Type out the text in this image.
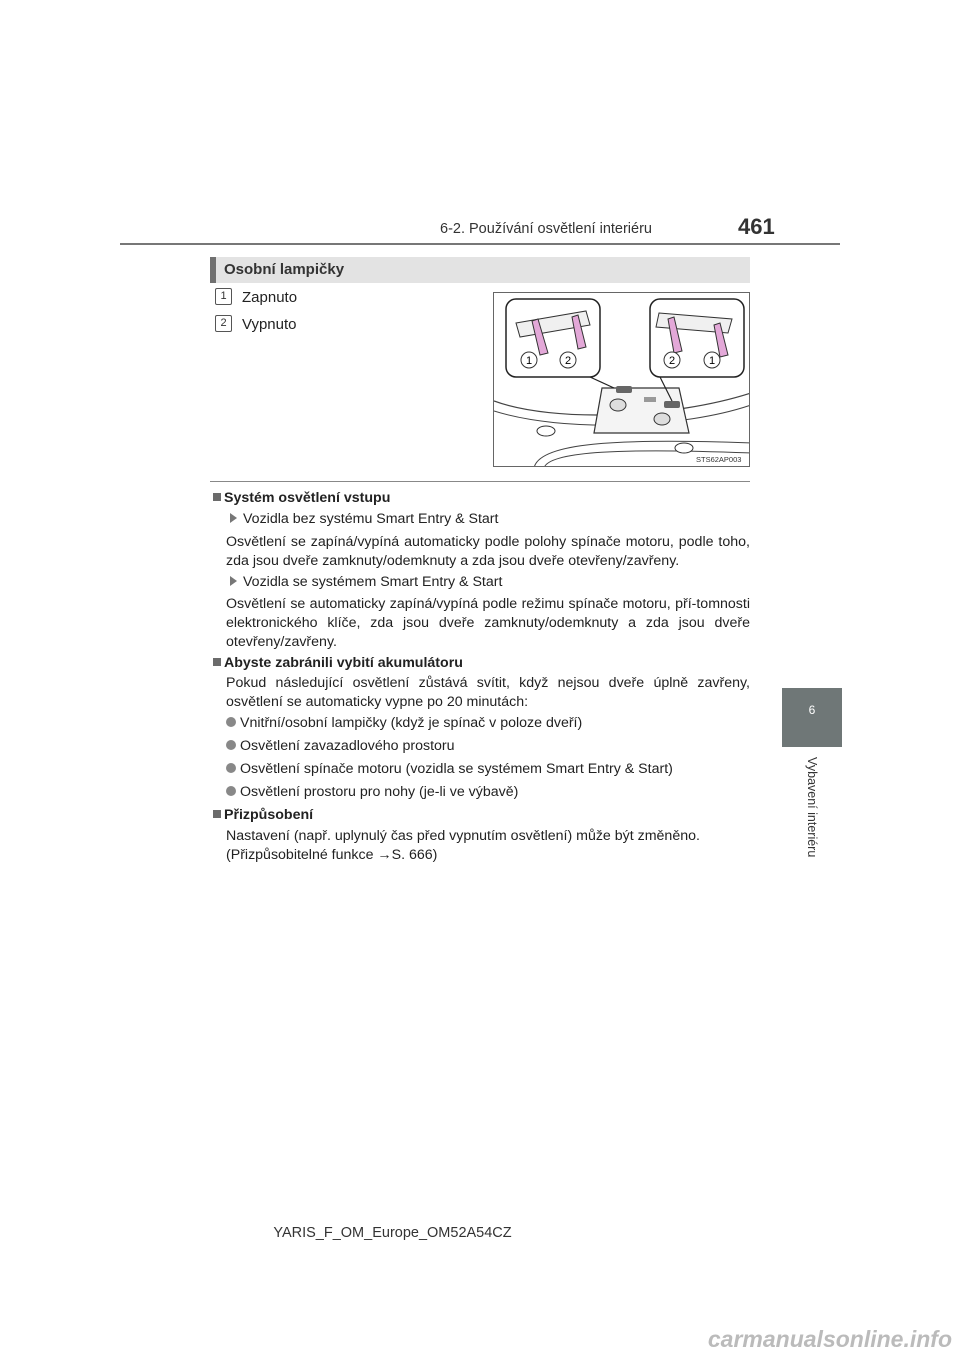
6-2. Používání osvětlení interiéru	461
6
Vybavení interiéru
Osobní lampičky
1 Zapnuto
2 Vypnuto
1	2	2	1
STS62AP003
Systém osvětlení vstupu
Vozidla bez systému Smart Entry & Start
Osvětlení se zapíná/vypíná automaticky podle polohy spínače motoru, podle toho, zda jsou dveře zamknuty/odemknuty a zda jsou dveře otevřeny/zavřeny.
Vozidla se systémem Smart Entry & Start
Osvětlení se automaticky zapíná/vypíná podle režimu spínače motoru, pří-tomnosti elektronického klíče, zda jsou dveře zamknuty/odemknuty a zda jsou dveře otevřeny/zavřeny.
Abyste zabránili vybití akumulátoru
Pokud následující osvětlení zůstává svítit, když nejsou dveře úplně zavřeny, osvětlení se automaticky vypne po 20 minutách:
Vnitřní/osobní lampičky (když je spínač v poloze dveří)
Osvětlení zavazadlového prostoru
Osvětlení spínače motoru (vozidla se systémem Smart Entry & Start)
Osvětlení prostoru pro nohy (je-li ve výbavě)
Přizpůsobení
Nastavení (např. uplynulý čas před vypnutím osvětlení) může být změněno.
(Přizpůsobitelné funkce →S. 666)
YARIS_F_OM_Europe_OM52A54CZ
carmanualsonline.info
